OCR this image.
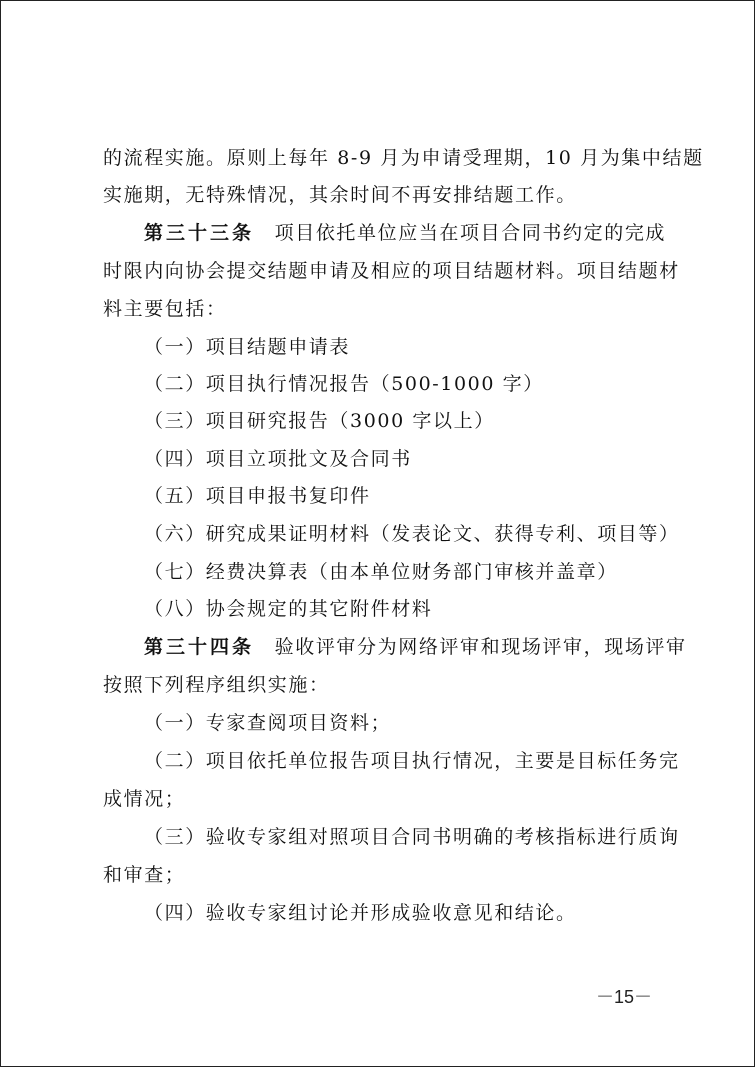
的流程实施。原则上每年 8-9 月为申请受理期，10 月为集中结题
实施期，无特殊情况，其余时间不再安排结题工作。
第三十三条　项目依托单位应当在项目合同书约定的完成
时限内向协会提交结题申请及相应的项目结题材料。项目结题材
料主要包括：
（一）项目结题申请表
（二）项目执行情况报告（500-1000 字）
（三）项目研究报告（3000 字以上）
（四）项目立项批文及合同书
（五）项目申报书复印件
（六）研究成果证明材料（发表论文、获得专利、项目等）
（七）经费决算表（由本单位财务部门审核并盖章）
（八）协会规定的其它附件材料
第三十四条　验收评审分为网络评审和现场评审，现场评审
按照下列程序组织实施：
（一）专家查阅项目资料；
（二）项目依托单位报告项目执行情况，主要是目标任务完
成情况；
（三）验收专家组对照项目合同书明确的考核指标进行质询
和审查；
（四）验收专家组讨论并形成验收意见和结论。
－15－
